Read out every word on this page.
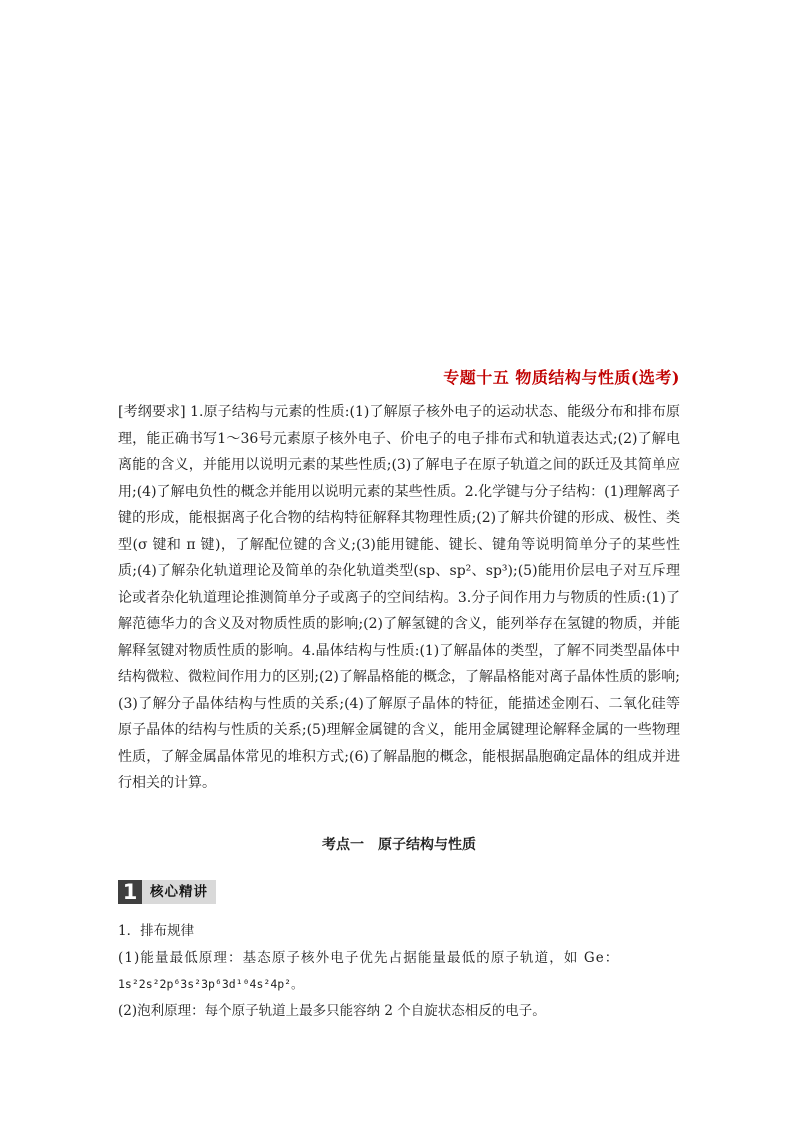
专题十五 物质结构与性质(选考)
[考纲要求] 1.原子结构与元素的性质:(1)了解原子核外电子的运动状态、能级分布和排布原理，能正确书写1～36号元素原子核外电子、价电子的电子排布式和轨道表达式;(2)了解电离能的含义，并能用以说明元素的某些性质;(3)了解电子在原子轨道之间的跃迁及其简单应用;(4)了解电负性的概念并能用以说明元素的某些性质。2.化学键与分子结构：(1)理解离子键的形成，能根据离子化合物的结构特征解释其物理性质;(2)了解共价键的形成、极性、类型(σ 键和 π 键)，了解配位键的含义;(3)能用键能、键长、键角等说明简单分子的某些性质;(4)了解杂化轨道理论及简单的杂化轨道类型(sp、sp²、sp³);(5)能用价层电子对互斥理论或者杂化轨道理论推测简单分子或离子的空间结构。3.分子间作用力与物质的性质:(1)了解范德华力的含义及对物质性质的影响;(2)了解氢键的含义，能列举存在氢键的物质，并能解释氢键对物质性质的影响。4.晶体结构与性质:(1)了解晶体的类型，了解不同类型晶体中结构微粒、微粒间作用力的区别;(2)了解晶格能的概念，了解晶格能对离子晶体性质的影响;(3)了解分子晶体结构与性质的关系;(4)了解原子晶体的特征，能描述金刚石、二氧化硅等原子晶体的结构与性质的关系;(5)理解金属键的含义，能用金属键理论解释金属的一些物理性质，了解金属晶体常见的堆积方式;(6)了解晶胞的概念，能根据晶胞确定晶体的组成并进行相关的计算。
考点一　原子结构与性质
1 核心精讲
1．排布规律
(1)能量最低原理：基态原子核外电子优先占据能量最低的原子轨道，如 Ge：
1s²2s²2p⁶3s²3p⁶3d¹⁰4s²4p²。
(2)泡利原理：每个原子轨道上最多只能容纳 2 个自旋状态相反的电子。
